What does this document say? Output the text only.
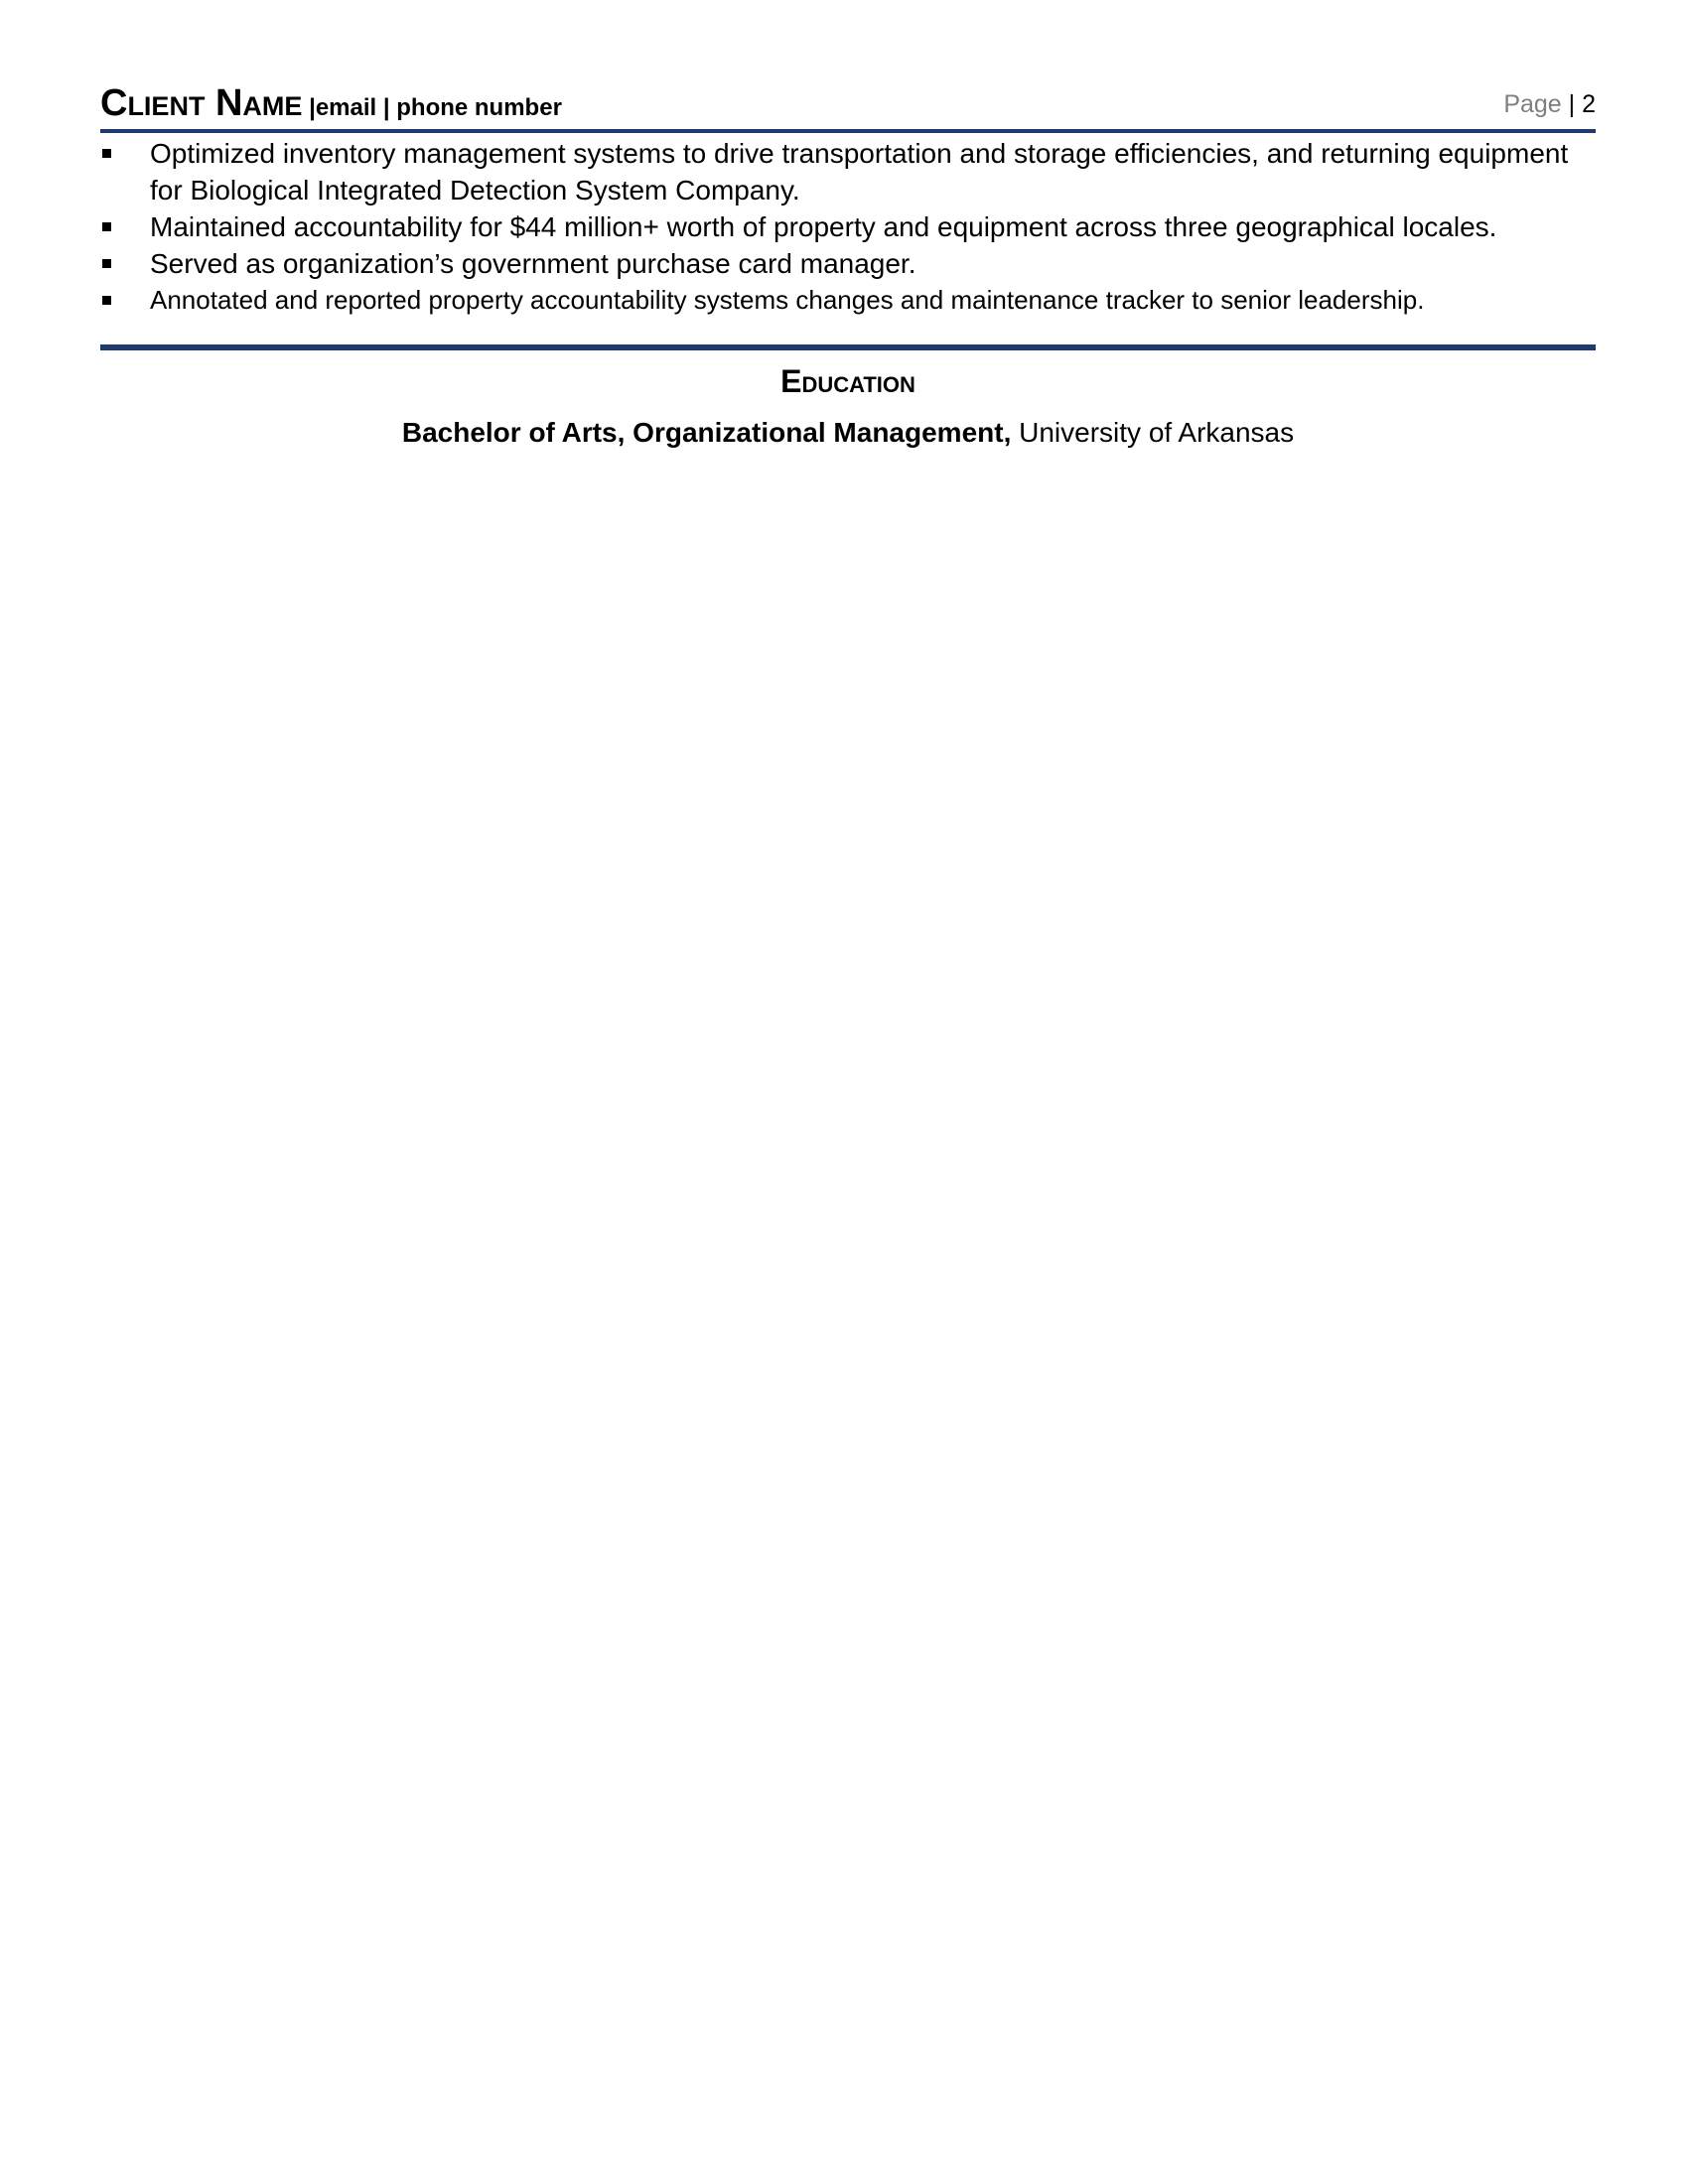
Client Name |email | phone number	Page | 2
Optimized inventory management systems to drive transportation and storage efficiencies, and returning equipment for Biological Integrated Detection System Company.
Maintained accountability for $44 million+ worth of property and equipment across three geographical locales.
Served as organization’s government purchase card manager.
Annotated and reported property accountability systems changes and maintenance tracker to senior leadership.
Education
Bachelor of Arts, Organizational Management, University of Arkansas
